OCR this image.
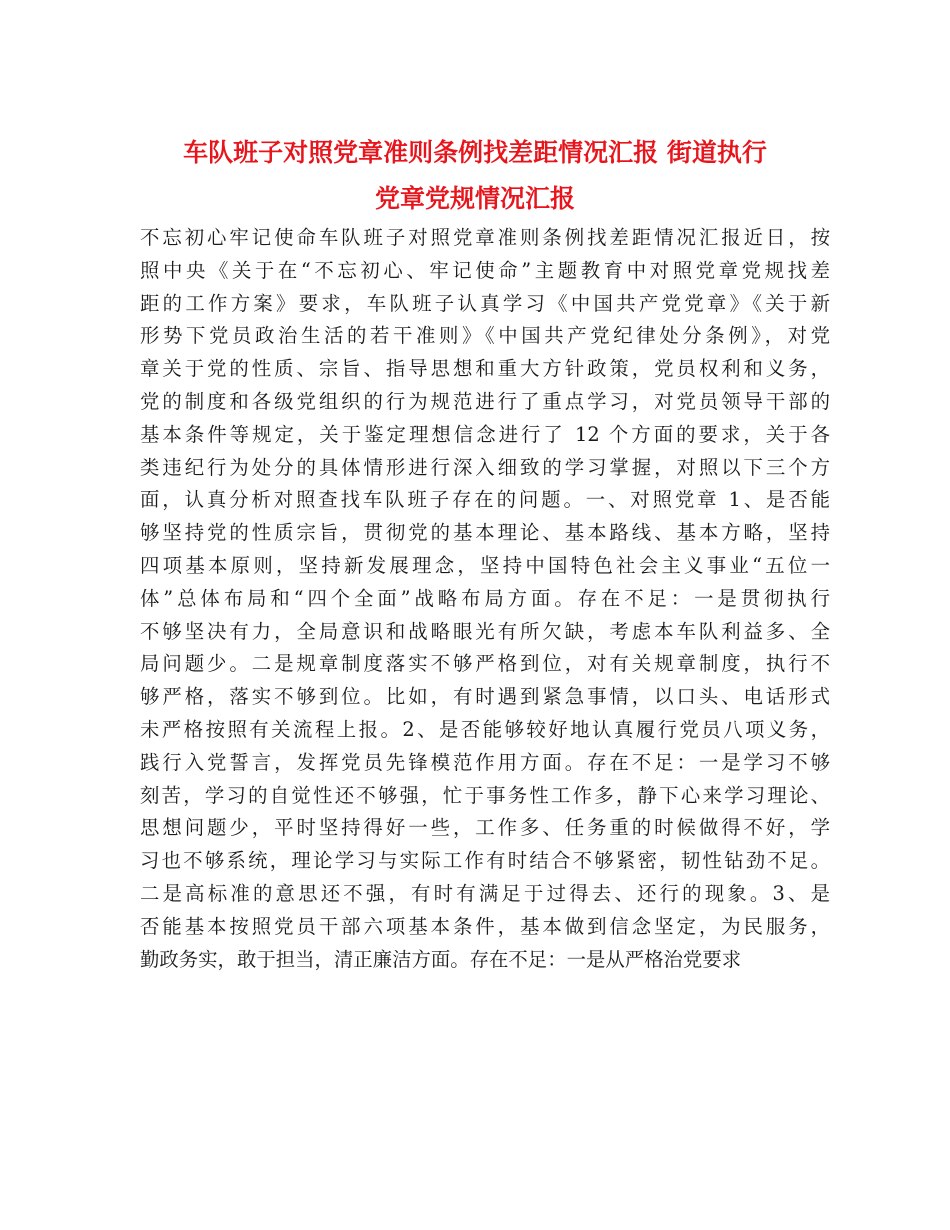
车队班子对照党章准则条例找差距情况汇报 街道执行
党章党规情况汇报
不忘初心牢记使命车队班子对照党章准则条例找差距情况汇报近日，按
照中央《关于在“不忘初心、牢记使命”主题教育中对照党章党规找差
距的工作方案》要求，车队班子认真学习《中国共产党党章》《关于新
形势下党员政治生活的若干准则》《中国共产党纪律处分条例》，对党
章关于党的性质、宗旨、指导思想和重大方针政策，党员权利和义务，
党的制度和各级党组织的行为规范进行了重点学习，对党员领导干部的
基本条件等规定，关于鉴定理想信念进行了 12 个方面的要求，关于各
类违纪行为处分的具体情形进行深入细致的学习掌握，对照以下三个方
面，认真分析对照查找车队班子存在的问题。一、对照党章 1、是否能
够坚持党的性质宗旨，贯彻党的基本理论、基本路线、基本方略，坚持
四项基本原则，坚持新发展理念，坚持中国特色社会主义事业“五位一
体”总体布局和“四个全面”战略布局方面。存在不足：一是贯彻执行
不够坚决有力，全局意识和战略眼光有所欠缺，考虑本车队利益多、全
局问题少。二是规章制度落实不够严格到位，对有关规章制度，执行不
够严格，落实不够到位。比如，有时遇到紧急事情，以口头、电话形式
未严格按照有关流程上报。2、是否能够较好地认真履行党员八项义务，
践行入党誓言，发挥党员先锋模范作用方面。存在不足：一是学习不够
刻苦，学习的自觉性还不够强，忙于事务性工作多，静下心来学习理论、
思想问题少，平时坚持得好一些，工作多、任务重的时候做得不好，学
习也不够系统，理论学习与实际工作有时结合不够紧密，韧性钻劲不足。
二是高标准的意思还不强，有时有满足于过得去、还行的现象。3、是
否能基本按照党员干部六项基本条件，基本做到信念坚定，为民服务，
勤政务实，敢于担当，清正廉洁方面。存在不足：一是从严格治党要求
